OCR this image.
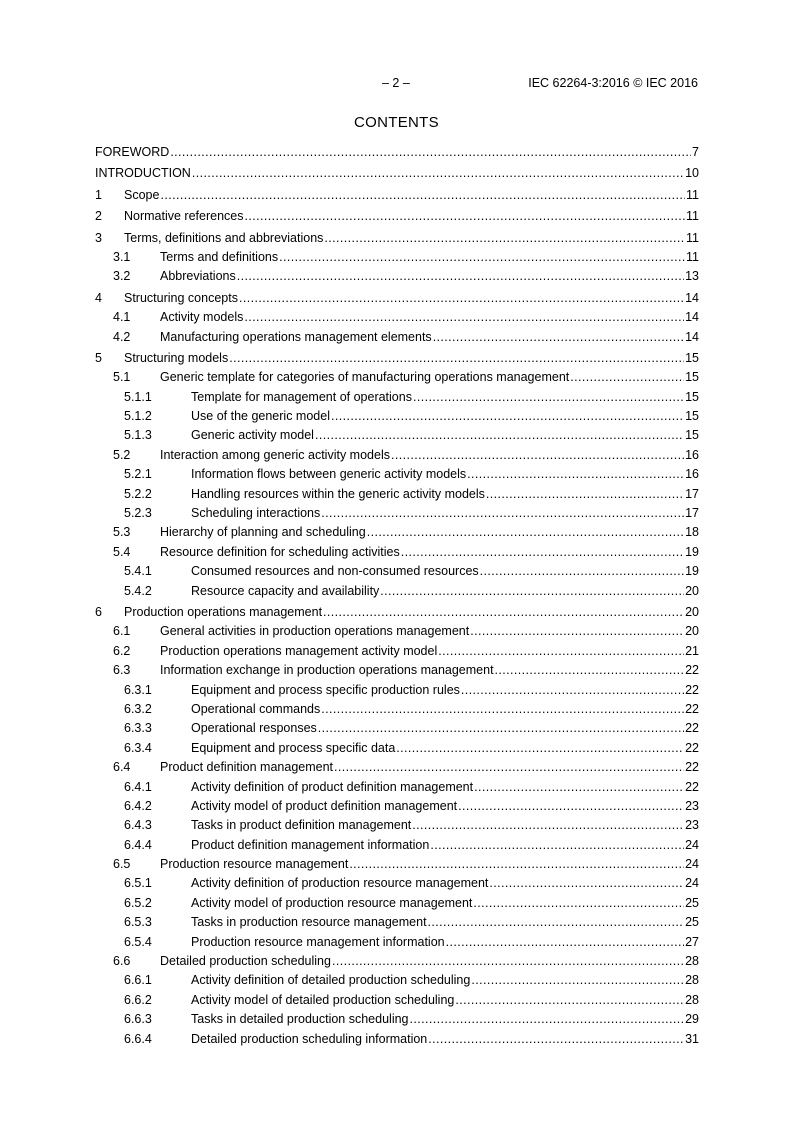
– 2 –	IEC 62264-3:2016 © IEC 2016
CONTENTS
FOREWORD .....	7
INTRODUCTION .....	10
1 Scope .....	11
2 Normative references .....	11
3 Terms, definitions and abbreviations .....	11
3.1 Terms and definitions .....	11
3.2 Abbreviations .....	13
4 Structuring concepts .....	14
4.1 Activity models .....	14
4.2 Manufacturing operations management elements .....	14
5 Structuring models .....	15
5.1 Generic template for categories of manufacturing operations management .....	15
5.1.1	Template for management of operations .....	15
5.1.2	Use of the generic model .....	15
5.1.3	Generic activity model .....	15
5.2 Interaction among generic activity models .....	16
5.2.1	Information flows between generic activity models .....	16
5.2.2	Handling resources within the generic activity models .....	17
5.2.3	Scheduling interactions .....	17
5.3 Hierarchy of planning and scheduling .....	18
5.4 Resource definition for scheduling activities .....	19
5.4.1	Consumed resources and non-consumed resources .....	19
5.4.2	Resource capacity and availability .....	20
6 Production operations management .....	20
6.1 General activities in production operations management .....	20
6.2 Production operations management activity model .....	21
6.3 Information exchange in production operations management .....	22
6.3.1	Equipment and process specific production rules .....	22
6.3.2	Operational commands .....	22
6.3.3	Operational responses .....	22
6.3.4	Equipment and process specific data .....	22
6.4 Product definition management .....	22
6.4.1	Activity definition of product definition management .....	22
6.4.2	Activity model of product definition management .....	23
6.4.3	Tasks in product definition management .....	23
6.4.4	Product definition management information .....	24
6.5 Production resource management .....	24
6.5.1	Activity definition of production resource management .....	24
6.5.2	Activity model of production resource management .....	25
6.5.3	Tasks in production resource management .....	25
6.5.4	Production resource management information .....	27
6.6 Detailed production scheduling .....	28
6.6.1	Activity definition of detailed production scheduling .....	28
6.6.2	Activity model of detailed production scheduling .....	28
6.6.3	Tasks in detailed production scheduling .....	29
6.6.4	Detailed production scheduling information .....	31
